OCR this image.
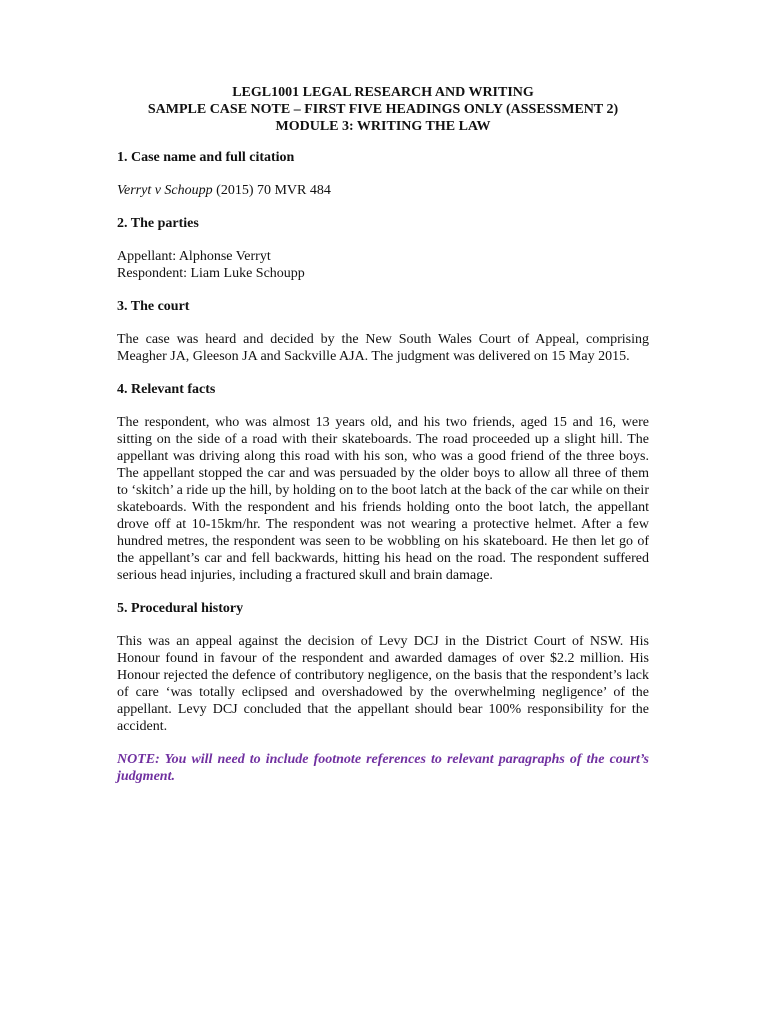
LEGL1001 LEGAL RESEARCH AND WRITING
SAMPLE CASE NOTE – FIRST FIVE HEADINGS ONLY (ASSESSMENT 2)
MODULE 3: WRITING THE LAW
1. Case name and full citation

Verryt v Schoupp (2015) 70 MVR 484

2. The parties

Appellant: Alphonse Verryt
Respondent: Liam Luke Schoupp

3. The court

The case was heard and decided by the New South Wales Court of Appeal, comprising Meagher JA, Gleeson JA and Sackville AJA. The judgment was delivered on 15 May 2015.

4. Relevant facts

The respondent, who was almost 13 years old, and his two friends, aged 15 and 16, were sitting on the side of a road with their skateboards. The road proceeded up a slight hill. The appellant was driving along this road with his son, who was a good friend of the three boys. The appellant stopped the car and was persuaded by the older boys to allow all three of them to ‘skitch’ a ride up the hill, by holding on to the boot latch at the back of the car while on their skateboards. With the respondent and his friends holding onto the boot latch, the appellant drove off at 10-15km/hr. The respondent was not wearing a protective helmet. After a few hundred metres, the respondent was seen to be wobbling on his skateboard. He then let go of the appellant’s car and fell backwards, hitting his head on the road. The respondent suffered serious head injuries, including a fractured skull and brain damage.

5. Procedural history

This was an appeal against the decision of Levy DCJ in the District Court of NSW. His Honour found in favour of the respondent and awarded damages of over $2.2 million. His Honour rejected the defence of contributory negligence, on the basis that the respondent’s lack of care ‘was totally eclipsed and overshadowed by the overwhelming negligence’ of the appellant. Levy DCJ concluded that the appellant should bear 100% responsibility for the accident.

NOTE: You will need to include footnote references to relevant paragraphs of the court’s judgment.
